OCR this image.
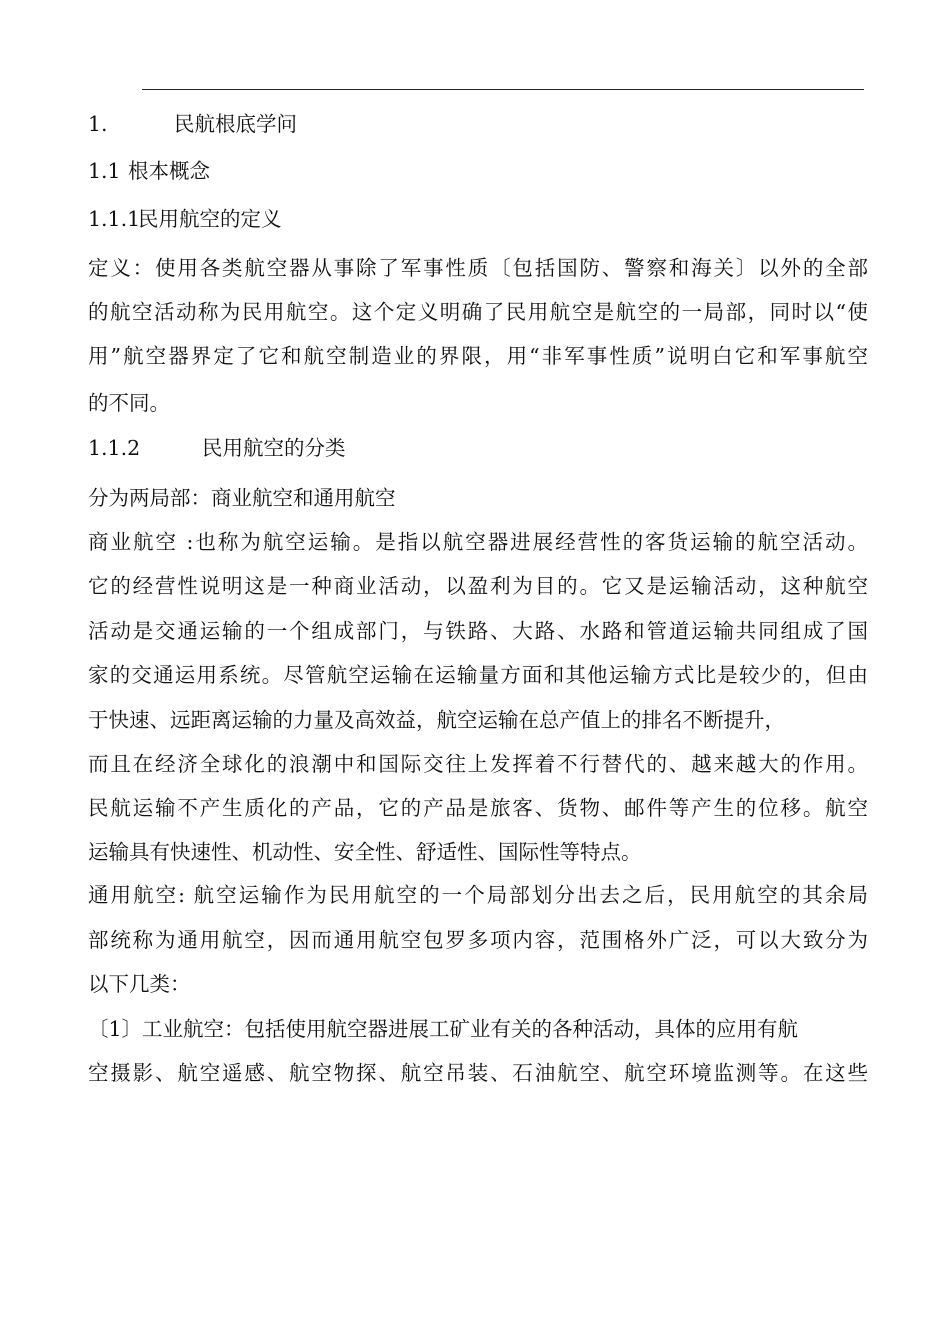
1.	民航根底学问
1.1 根本概念
1.1.1民用航空的定义
定义：使用各类航空器从事除了军事性质〔包括国防、警察和海关〕以外的全部
的航空活动称为民用航空。这个定义明确了民用航空是航空的一局部，同时以“使
用”航空器界定了它和航空制造业的界限，用“非军事性质”说明白它和军事航空
的不同。
1.1.2	民用航空的分类
分为两局部：商业航空和通用航空
商业航空 :也称为航空运输。是指以航空器进展经营性的客货运输的航空活动。
它的经营性说明这是一种商业活动，以盈利为目的。它又是运输活动，这种航空
活动是交通运输的一个组成部门，与铁路、大路、水路和管道运输共同组成了国
家的交通运用系统。尽管航空运输在运输量方面和其他运输方式比是较少的，但由
于快速、远距离运输的力量及高效益，航空运输在总产值上的排名不断提升，
而且在经济全球化的浪潮中和国际交往上发挥着不行替代的、越来越大的作用。
民航运输不产生质化的产品，它的产品是旅客、货物、邮件等产生的位移。航空
运输具有快速性、机动性、安全性、舒适性、国际性等特点。
通用航空: 航空运输作为民用航空的一个局部划分出去之后，民用航空的其余局
部统称为通用航空，因而通用航空包罗多项内容，范围格外广泛，可以大致分为
以下几类：
〔1〕工业航空：包括使用航空器进展工矿业有关的各种活动，具体的应用有航
空摄影、航空遥感、航空物探、航空吊装、石油航空、航空环境监测等。在这些
